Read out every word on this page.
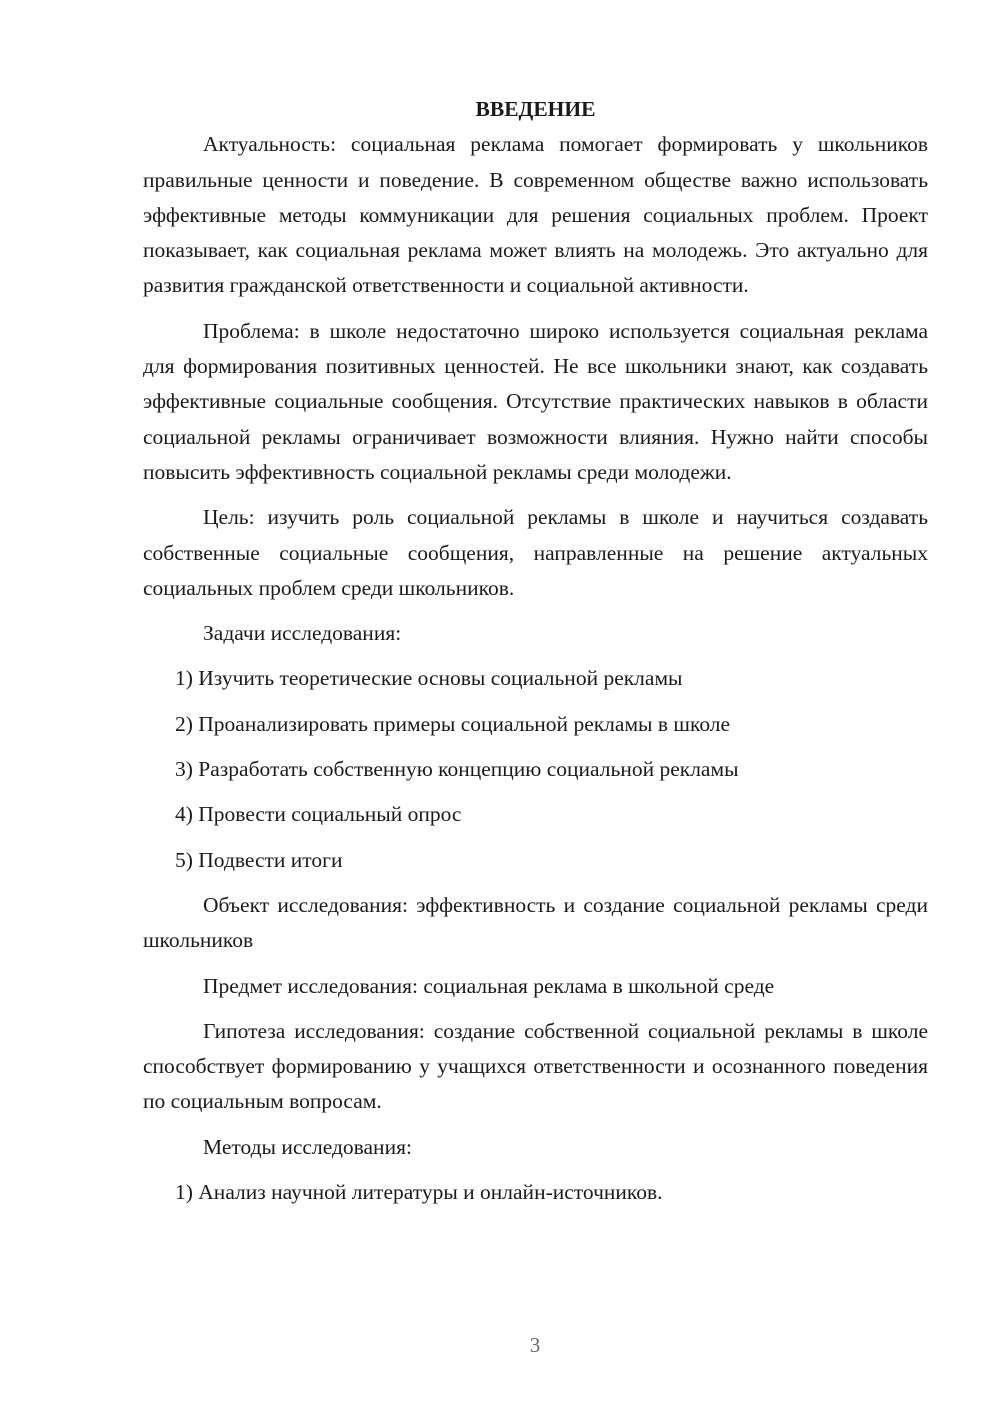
ВВЕДЕНИЕ

Актуальность: социальная реклама помогает формировать у школьников правильные ценности и поведение. В современном обществе важно использовать эффективные методы коммуникации для решения социальных проблем. Проект показывает, как социальная реклама может влиять на молодежь. Это актуально для развития гражданской ответственности и социальной активности.

Проблема: в школе недостаточно широко используется социальная реклама для формирования позитивных ценностей. Не все школьники знают, как создавать эффективные социальные сообщения. Отсутствие практических навыков в области социальной рекламы ограничивает возможности влияния. Нужно найти способы повысить эффективность социальной рекламы среди молодежи.

Цель: изучить роль социальной рекламы в школе и научиться создавать собственные социальные сообщения, направленные на решение актуальных социальных проблем среди школьников.

Задачи исследования:

1) Изучить теоретические основы социальной рекламы

2) Проанализировать примеры социальной рекламы в школе

3) Разработать собственную концепцию социальной рекламы

4) Провести социальный опрос

5) Подвести итоги

Объект исследования: эффективность и создание социальной рекламы среди школьников

Предмет исследования: социальная реклама в школьной среде

Гипотеза исследования: создание собственной социальной рекламы в школе способствует формированию у учащихся ответственности и осознанного поведения по социальным вопросам.

Методы исследования:

1) Анализ научной литературы и онлайн-источников.

3
